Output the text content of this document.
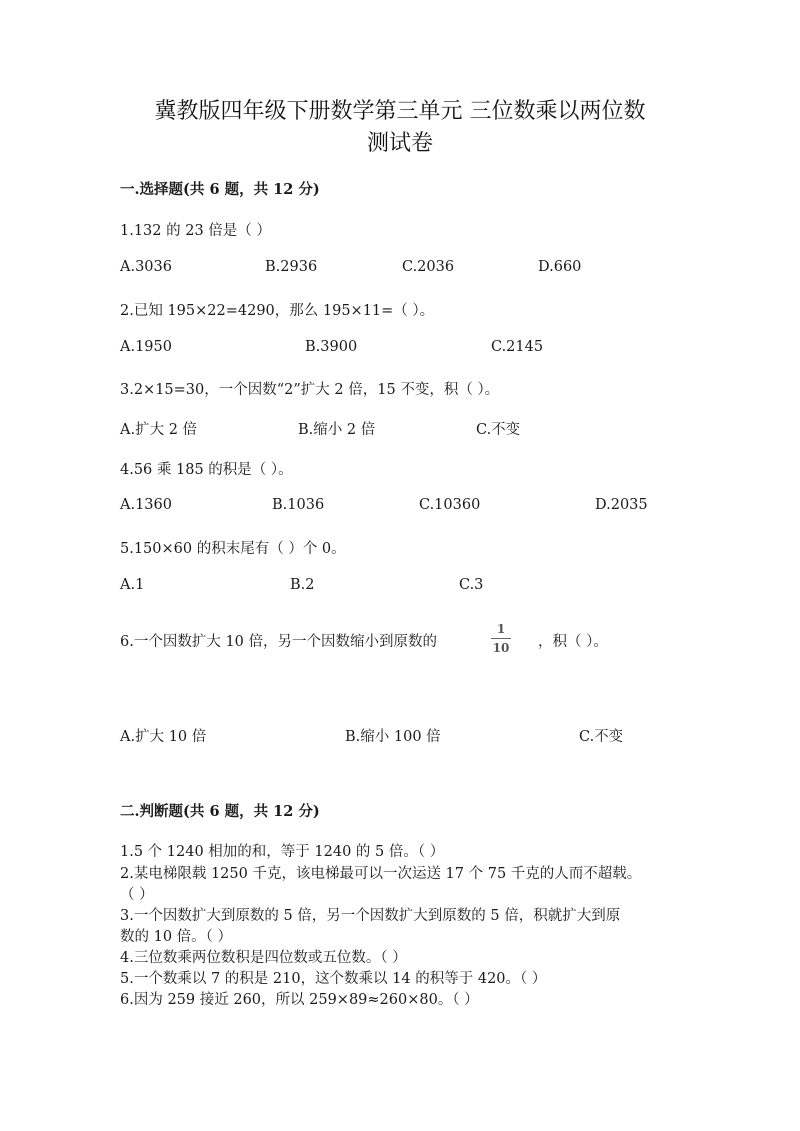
冀教版四年级下册数学第三单元 三位数乘以两位数
测试卷
一.选择题(共 6 题，共 12 分)
1.132 的 23 倍是（ ）
A.3036	B.2936	C.2036	D.660
2.已知 195×22=4290，那么 195×11=（ ）。
A.1950	B.3900	C.2145
3.2×15=30，一个因数“2”扩大 2 倍，15 不变，积（ ）。
A.扩大 2 倍	B.缩小 2 倍	C.不变
4.56 乘 185 的积是（ ）。
A.1360	B.1036	C.10360	D.2035
5.150×60 的积末尾有（ ）个 0。
A.1	B.2	C.3
6.一个因数扩大 10 倍，另一个因数缩小到原数的
1
10 ，积（ ）。
A.扩大 10 倍	B.缩小 100 倍	C.不变
二.判断题(共 6 题，共 12 分)
1.5 个 1240 相加的和，等于 1240 的 5 倍。（ ）
2.某电梯限载 1250 千克，该电梯最可以一次运送 17 个 75 千克的人而不超载。
（ ）
3.一个因数扩大到原数的 5 倍，另一个因数扩大到原数的 5 倍，积就扩大到原
数的 10 倍。（ ）
4.三位数乘两位数积是四位数或五位数。（ ）
5.一个数乘以 7 的积是 210，这个数乘以 14 的积等于 420。（ ）
6.因为 259 接近 260，所以 259×89≈260×80。（ ）
